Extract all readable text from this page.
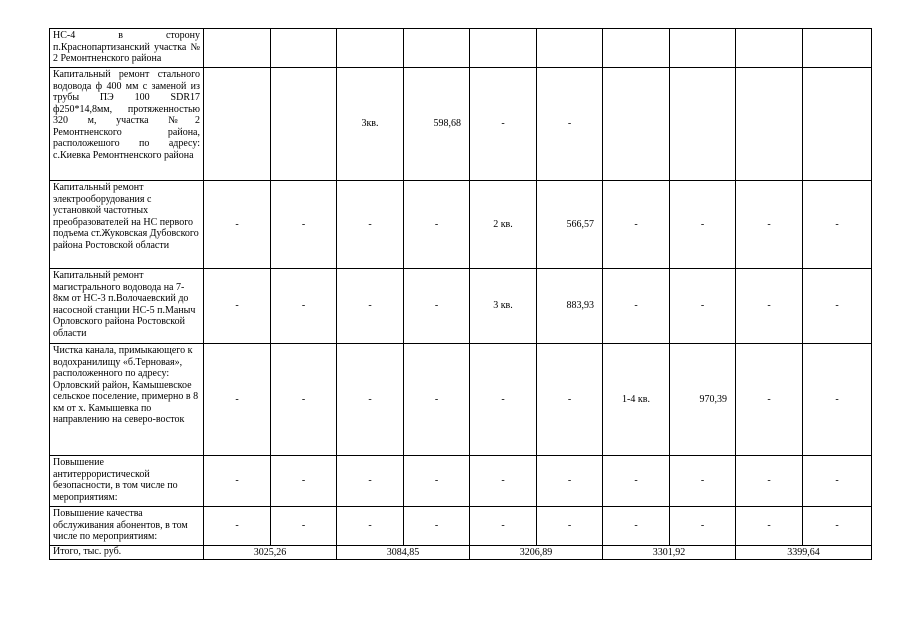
НС-4 в сторону п.Краснопартизанский участка № 2 Ремонтненского района										
Капитальный ремонт стального водовода ф 400 мм с заменой из трубы ПЭ 100 SDR17 ф250*14,8мм, протяженностью 320 м, участка №2 Ремонтненского района, расположешого по адресу: с.Киевка Ремонтненского района			3кв.	598,68	-	-				
Капитальный ремонт электрооборудования с установкой частотных преобразователей на НС первого подъема ст.Жуковская Дубовского района Ростовской области	-	-	-	-	2 кв.	566,57	-	-	-	-
Капитальный ремонт магистрального водовода на 7-8км от НС-3 п.Волочаевский до насосной станции НС-5 п.Маныч Орловского района Ростовской области	-	-	-	-	3 кв.	883,93	-	-	-	-
Чистка канала, примыкающего к водохранилищу «б.Терновая», расположенного по адресу: Орловский район, Камышевское сельское поселение, примерно в 8 км от х. Камышевка по направлению на северо-восток	-	-	-	-	-	-	1-4 кв.	970,39	-	-
Повышение антитеррористической безопасности, в том числе по мероприятиям:	-	-	-	-	-	-	-	-	-	-
Повышение качества обслуживания абонентов, в том числе по мероприятиям:	-	-	-	-	-	-	-	-	-	-
Итого, тыс. руб.	3025,26		3084,85		3206,89		3301,92		3399,64	
